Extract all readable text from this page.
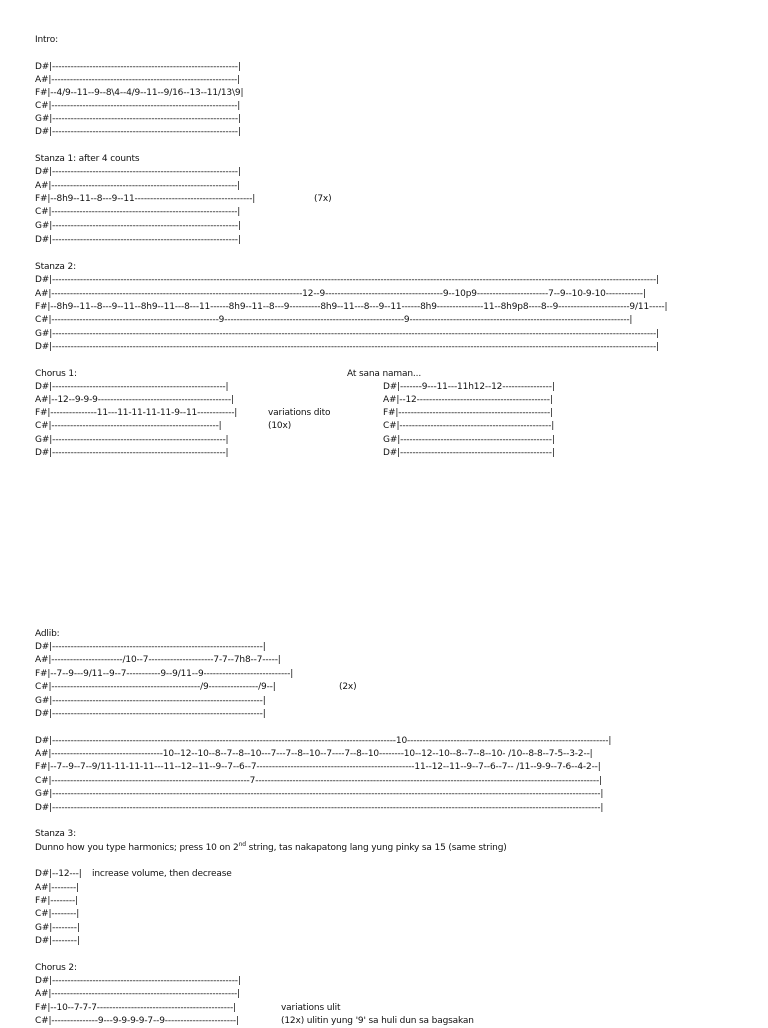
Intro:
D#|------------------------------------------------------------|
A#|------------------------------------------------------------|
F#|--4/9--11--9--8\4--4/9--11--9/16--13--11/13\9|
C#|------------------------------------------------------------|
G#|------------------------------------------------------------|
D#|------------------------------------------------------------|
Stanza 1: after 4 counts
D#|------------------------------------------------------------|
A#|------------------------------------------------------------|
F#|--8h9--11--8---9--11--------------------------------------|
C#|------------------------------------------------------------|
G#|------------------------------------------------------------|
D#|------------------------------------------------------------|
(7x)
Stanza 2:
D#|---------------------------------------------------------------------------------------------------------------------------------------------------------------------------------------------------|
A#|---------------------------------------------------------------------------------12--9--------------------------------------9--10p9-----------------------7--9--10-9-10------------|
F#|--8h9--11--8---9--11--8h9--11---8---11------8h9--11--8---9----------8h9--11---8---9--11------8h9---------------11--8h9p8----8--9-----------------------9/11-----|
C#|------------------------------------------------------9----------------------------------------------------------9-----------------------------------------------------------------------|
G#|---------------------------------------------------------------------------------------------------------------------------------------------------------------------------------------------------|
D#|---------------------------------------------------------------------------------------------------------------------------------------------------------------------------------------------------|
Chorus 1:
D#|--------------------------------------------------------|
A#|--12--9-9-9-------------------------------------------|
F#|---------------11---11-11-11-11-9--11------------|
C#|------------------------------------------------------|
G#|--------------------------------------------------------|
D#|--------------------------------------------------------|
variations dito
(10x)
At sana naman...
D#|-------9---11---11h12--12----------------|
A#|--12-------------------------------------------|
F#|-------------------------------------------------|
C#|-------------------------------------------------|
G#|-------------------------------------------------|
D#|-------------------------------------------------|
Adlib:
D#|--------------------------------------------------------------------|
A#|-----------------------/10--7---------------------7-7--7h8--7-----|
F#|--7--9---9/11--9--7-----------9--9/11--9----------------------------|
C#|------------------------------------------------/9----------------/9--|
G#|--------------------------------------------------------------------|
D#|--------------------------------------------------------------------|
(2x)
D#|---------------------------------------------------------------------------------------------------------------10-----------------------------------------------------------------|
A#|------------------------------------10--12--10--8--7--8--10---7---7--8--10--7----7--8--10--------10--12--10--8--7--8--10- /10--8-8--7-5--3-2--|
F#|--7--9--7--9/11-11-11-11---11--12--11--9--7--6--7---------------------------------------------------11--12--11--9--7--6--7-- /11--9-9--7-6--4-2--|
C#|----------------------------------------------------------------7---------------------------------------------------------------------------------------------------------------|
G#|---------------------------------------------------------------------------------------------------------------------------------------------------------------------------------|
D#|---------------------------------------------------------------------------------------------------------------------------------------------------------------------------------|
Stanza 3:
Dunno how you type harmonics; press 10 on 2nd string, tas nakapatong lang yung pinky sa 15 (same string)
D#|--12---|
A#|--------|
F#|--------|
C#|--------|
G#|--------|
D#|--------|
increase volume, then decrease
Chorus 2:
D#|------------------------------------------------------------|
A#|------------------------------------------------------------|
F#|--10--7-7-7--------------------------------------------|
C#|---------------9---9-9-9-9-7--9-----------------------|
variations ulit
(12x) ulitin yung '9' sa huli dun sa bagsakan
